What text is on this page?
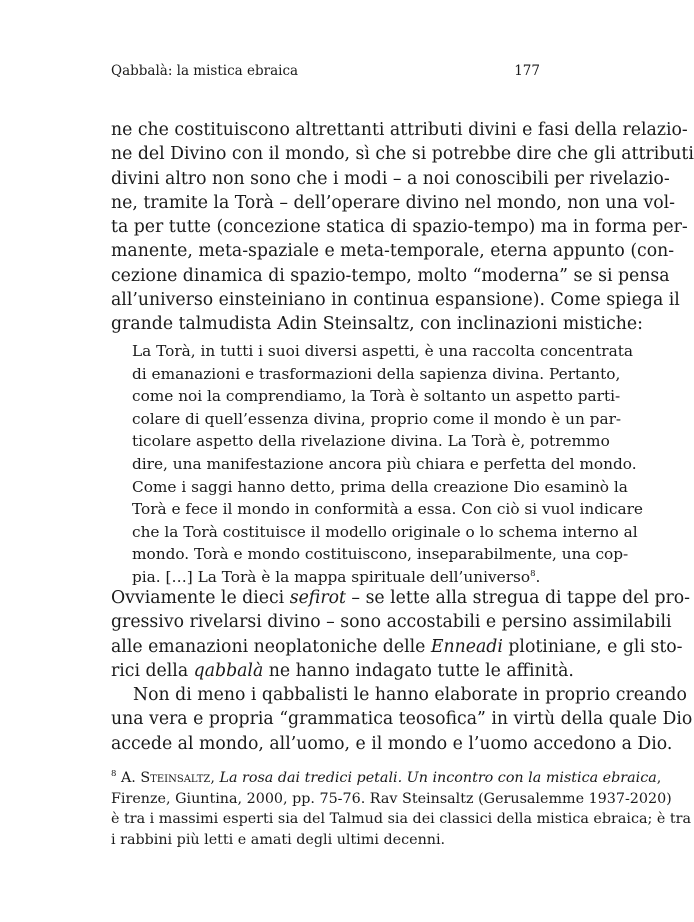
Qabbalà: la mistica ebraica	177

ne che costituiscono altrettanti attributi divini e fasi della relazio-
ne del Divino con il mondo, sì che si potrebbe dire che gli attributi
divini altro non sono che i modi – a noi conoscibili per rivelazio-
ne, tramite la Torà – dell’operare divino nel mondo, non una vol-
ta per tutte (concezione statica di spazio-tempo) ma in forma per-
manente, meta-spaziale e meta-temporale, eterna appunto (con-
cezione dinamica di spazio-tempo, molto “moderna” se si pensa
all’universo einsteiniano in continua espansione). Come spiega il
grande talmudista Adin Steinsaltz, con inclinazioni mistiche:

La Torà, in tutti i suoi diversi aspetti, è una raccolta concentrata
di emanazioni e trasformazioni della sapienza divina. Pertanto,
come noi la comprendiamo, la Torà è soltanto un aspetto parti-
colare di quell’essenza divina, proprio come il mondo è un par-
ticolare aspetto della rivelazione divina. La Torà è, potremmo
dire, una manifestazione ancora più chiara e perfetta del mondo.
Come i saggi hanno detto, prima della creazione Dio esaminò la
Torà e fece il mondo in conformità a essa. Con ciò si vuol indicare
che la Torà costituisce il modello originale o lo schema interno al
mondo. Torà e mondo costituiscono, inseparabilmente, una cop-
pia. […] La Torà è la mappa spirituale dell’universo$^8$.

Ovviamente le dieci sefirot – se lette alla stregua di tappe del pro-
gressivo rivelarsi divino – sono accostabili e persino assimilabili
alle emanazioni neoplatoniche delle Enneadi plotiniane, e gli sto-
rici della qabbalà ne hanno indagato tutte le affinità.

Non di meno i qabbalisti le hanno elaborate in proprio creando
una vera e propria “grammatica teosofica” in virtù della quale Dio
accede al mondo, all’uomo, e il mondo e l’uomo accedono a Dio.

$^8$ A. Steinsaltz, La rosa dai tredici petali. Un incontro con la mistica ebraica,
Firenze, Giuntina, 2000, pp. 75-76. Rav Steinsaltz (Gerusalemme 1937-2020)
è tra i massimi esperti sia del Talmud sia dei classici della mistica ebraica; è tra
i rabbini più letti e amati degli ultimi decenni.
